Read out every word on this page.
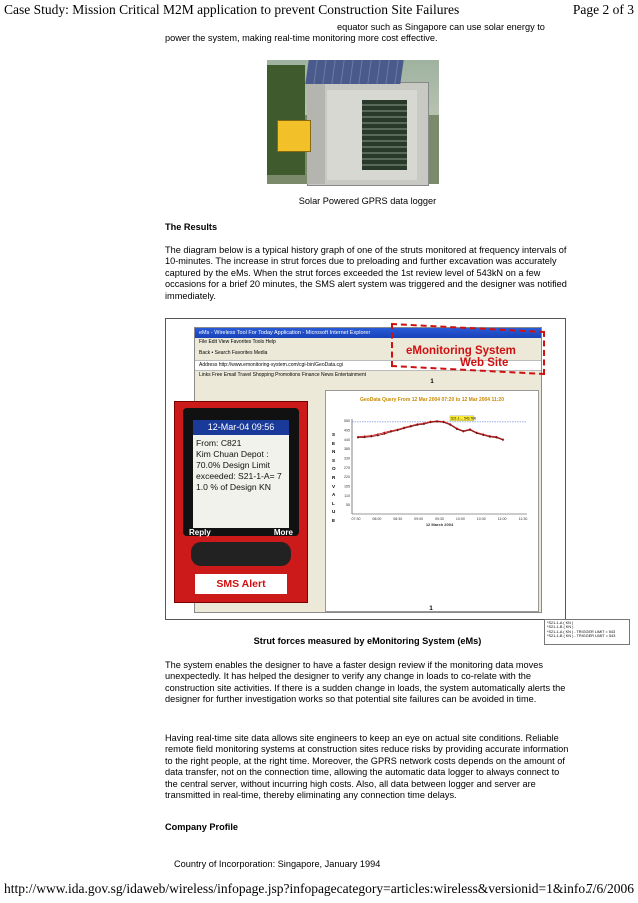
Case Study: Mission Critical M2M application to prevent Construction Site Failures	Page 2 of 3

equator such as Singapore can use solar energy to

power the system, making real-time monitoring more cost effective.

Solar Powered GPRS data logger
The Results
The diagram below is a typical history graph of one of the struts monitored at frequency intervals of 10-minutes. The increase in strut forces due to preloading and further excavation was accurately captured by the eMs. When the strut forces exceeded the 1st review level of 543kN on a few occasions for a brief 20 minutes, the SMS alert system was triggered and the designer was notified immediately.
eMs - Wireless Tool For Today Application - Microsoft Internet Explorer
File Edit View Favorites Tools Help
Back • Search Favorites Media
Address http://www.emonitoring-system.com/cgi-bin/GeoData.cgi
Links Free Email Travel Shopping Promotions Finance News Entertainment
1
GeoData Query From 12 Mar 2004 07:20 to 12 Mar 2004 11:20
S E N S O R V A L U E
55
110
165
220
275
330
385
440
495
550
07:30	08:00	08:30	09:00	09:30	10:00	10:30	11:00	11:30
12 March 2004
S21-1-... 543.7kN
*S21-1-A ( KN )
*S21-1-B ( KN )
*S21-1-A ( KN ) - TRIGGER LIMIT = 543
*S21-1-B ( KN ) - TRIGGER LIMIT = 543
1
eMonitoring System
Web Site
12-Mar-04 09:56
From: C821
Kim Chuan Depot :
70.0% Design Limit
exceeded: S21-1-A= 7
1.0 % of Design KN
Reply	More
SMS Alert
Strut forces measured by eMonitoring System (eMs)
The system enables the designer to have a faster design review if the monitoring data moves unexpectedly. It has helped the designer to verify any change in loads to co-relate with the construction site activities. If there is a sudden change in loads, the system automatically alerts the designer for further investigation works so that potential site failures can be avoided in time.
Having real-time site data allows site engineers to keep an eye on actual site conditions. Reliable remote field monitoring systems at construction sites reduce risks by providing accurate information to the right people, at the right time. Moreover, the GPRS network costs depends on the amount of data transfer, not on the connection time, allowing the automatic data logger to always connect to the central server, without incurring high costs. Also, all data between logger and server are transmitted in real-time, thereby eliminating any connection time delays.
Company Profile
Country of Incorporation: Singapore, January 1994
http://www.ida.gov.sg/idaweb/wireless/infopage.jsp?infopagecategory=articles:wireless&versionid=1&info...
7/6/2006
